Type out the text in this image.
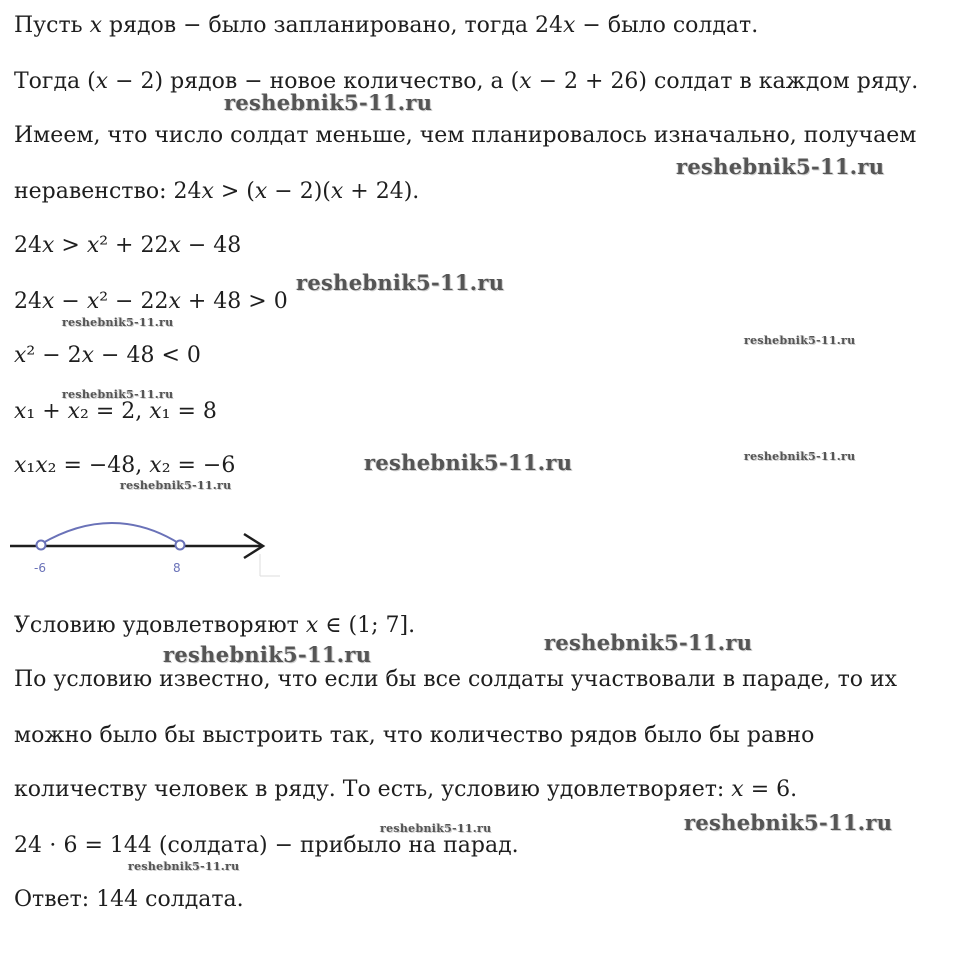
Пусть 𝑥 рядов − было запланировано, тогда 24𝑥 − было солдат.
Тогда (𝑥 − 2) рядов − новое количество, а (𝑥 − 2 + 26) солдат в каждом ряду.
Имеем, что число солдат меньше, чем планировалось изначально, получаем
неравенство: 24𝑥 > (𝑥 − 2)(𝑥 + 24).
24𝑥 > 𝑥² + 22𝑥 − 48
24𝑥 − 𝑥² − 22𝑥 + 48 > 0
𝑥² − 2𝑥 − 48 < 0
𝑥₁ + 𝑥₂ = 2, 𝑥₁ = 8
𝑥₁𝑥₂ = −48, 𝑥₂ = −6
-6	8
Условию удовлетворяют 𝑥 ∈ (1; 7].
По условию известно, что если бы все солдаты участвовали в параде, то их
можно было бы выстроить так, что количество рядов было бы равно
количеству человек в ряду. То есть, условию удовлетворяет: 𝑥 = 6.
24 ⋅ 6 = 144 (солдата) − прибыло на парад.
Ответ: 144 солдата.
reshebnik5-11.ru
reshebnik5-11.ru
reshebnik5-11.ru
reshebnik5-11.ru
reshebnik5-11.ru
reshebnik5-11.ru
reshebnik5-11.ru	reshebnik5-11.ru
reshebnik5-11.ru
reshebnik5-11.ru
reshebnik5-11.ru
reshebnik5-11.ru
reshebnik5-11.ru
reshebnik5-11.ru
